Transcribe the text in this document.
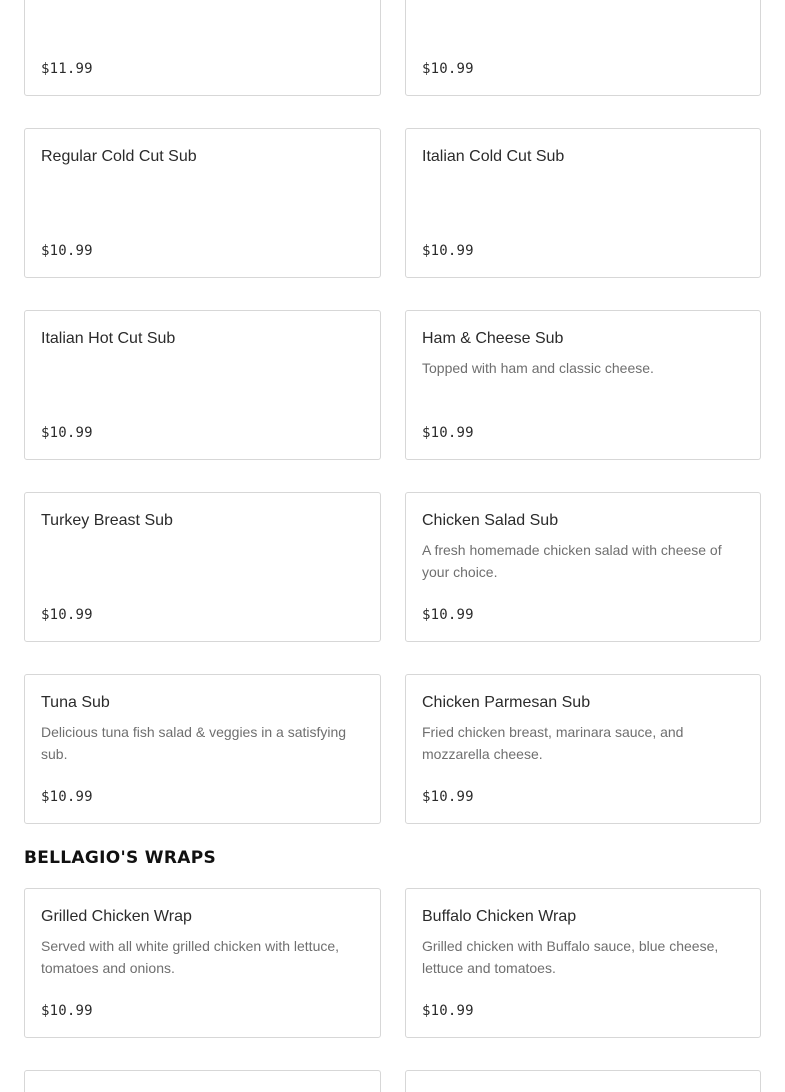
$11.99	$10.99

Regular Cold Cut Sub

$10.99

Italian Cold Cut Sub

$10.99

Italian Hot Cut Sub

$10.99

Ham & Cheese Sub

Topped with ham and classic cheese.

$10.99

Turkey Breast Sub

$10.99

Chicken Salad Sub

A fresh homemade chicken salad with cheese of your choice.

$10.99

Tuna Sub

Delicious tuna fish salad & veggies in a satisfying sub.

$10.99

Chicken Parmesan Sub

Fried chicken breast, marinara sauce, and mozzarella cheese.

$10.99
BELLAGIO'S WRAPS

Grilled Chicken Wrap

Served with all white grilled chicken with lettuce, tomatoes and onions.

$10.99

Buffalo Chicken Wrap

Grilled chicken with Buffalo sauce, blue cheese, lettuce and tomatoes.

$10.99
